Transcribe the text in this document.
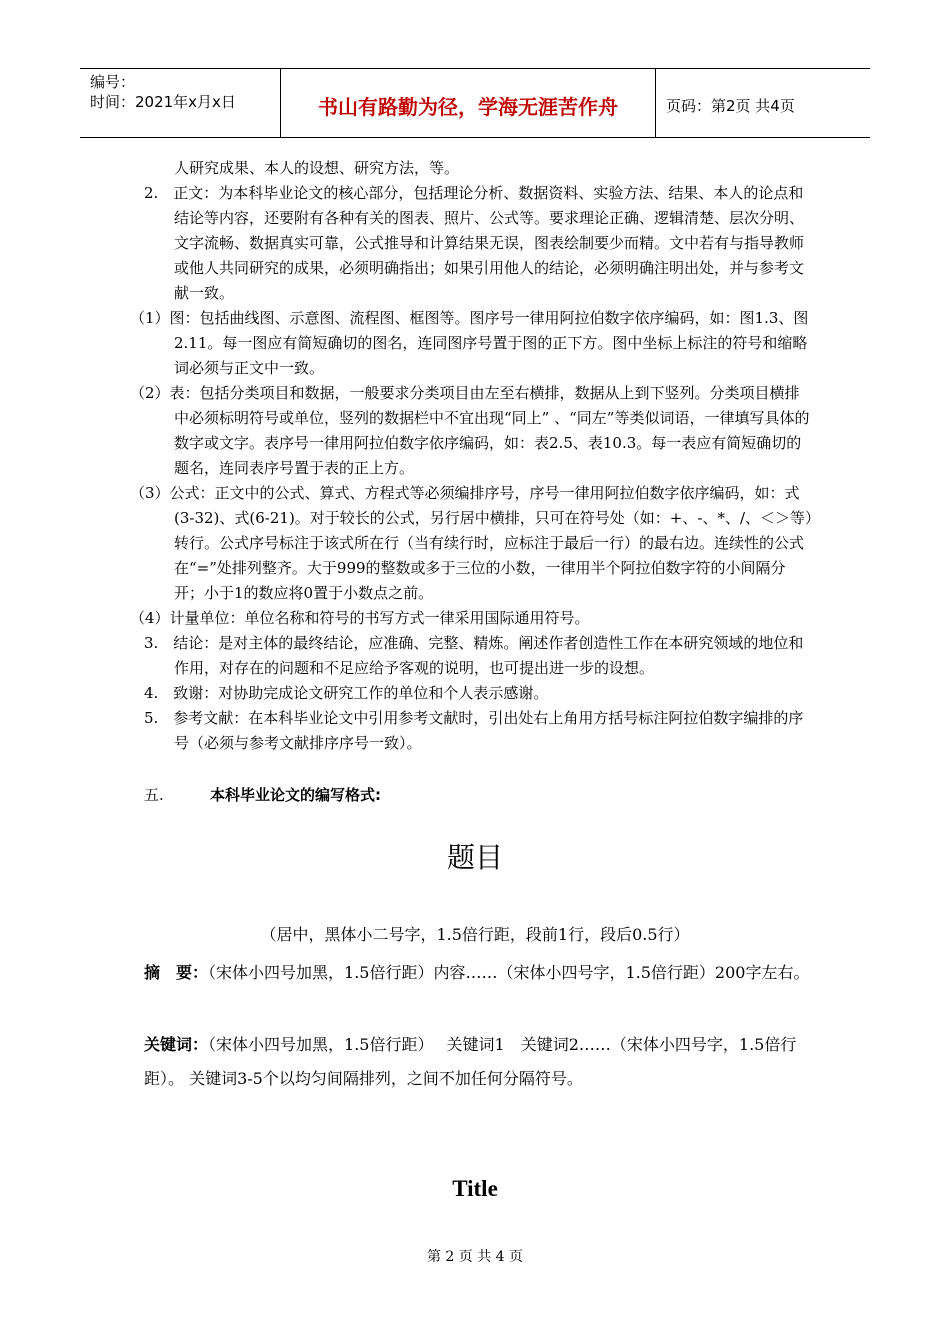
编号：
时间：2021年x月x日	书山有路勤为径，学海无涯苦作舟	页码：第2页 共4页

人研究成果、本人的设想、研究方法，等。

2.　正文：为本科毕业论文的核心部分，包括理论分析、数据资料、实验方法、结果、本人的论点和结论等内容，还要附有各种有关的图表、照片、公式等。要求理论正确、逻辑清楚、层次分明、文字流畅、数据真实可靠，公式推导和计算结果无误，图表绘制要少而精。文中若有与指导教师或他人共同研究的成果，必须明确指出；如果引用他人的结论，必须明确注明出处，并与参考文献一致。

（1）图：包括曲线图、示意图、流程图、框图等。图序号一律用阿拉伯数字依序编码，如：图1.3、图2.11。每一图应有简短确切的图名，连同图序号置于图的正下方。图中坐标上标注的符号和缩略词必须与正文中一致。

（2）表：包括分类项目和数据，一般要求分类项目由左至右横排，数据从上到下竖列。分类项目横排中必须标明符号或单位，竖列的数据栏中不宜出现“同上” 、“同左”等类似词语，一律填写具体的数字或文字。表序号一律用阿拉伯数字依序编码，如：表2.5、表10.3。每一表应有简短确切的题名，连同表序号置于表的正上方。

（3）公式：正文中的公式、算式、方程式等必须编排序号，序号一律用阿拉伯数字依序编码，如：式(3-32)、式(6-21)。对于较长的公式，另行居中横排，只可在符号处（如：+、-、*、/、＜＞等）转行。公式序号标注于该式所在行（当有续行时，应标注于最后一行）的最右边。连续性的公式在“=”处排列整齐。大于999的整数或多于三位的小数，一律用半个阿拉伯数字符的小间隔分开；小于1的数应将0置于小数点之前。

（4）计量单位：单位名称和符号的书写方式一律采用国际通用符号。

3.　结论：是对主体的最终结论，应准确、完整、精炼。阐述作者创造性工作在本研究领域的地位和作用，对存在的问题和不足应给予客观的说明，也可提出进一步的设想。

4.　致谢：对协助完成论文研究工作的单位和个人表示感谢。

5.　参考文献：在本科毕业论文中引用参考文献时，引出处右上角用方括号标注阿拉伯数字编排的序号（必须与参考文献排序序号一致）。

五.	本科毕业论文的编写格式:
题目
（居中，黑体小二号字，1.5倍行距，段前1行，段后0.5行）
摘　要：（宋体小四号加黑，1.5倍行距）内容……（宋体小四号字，1.5倍行距）200字左右。
关键词：（宋体小四号加黑，1.5倍行距）　 关键词1　关键词2……（宋体小四号字，1.5倍行距）。 关键词3-5个以均匀间隔排列，之间不加任何分隔符号。
Title
第 2 页 共 4 页
